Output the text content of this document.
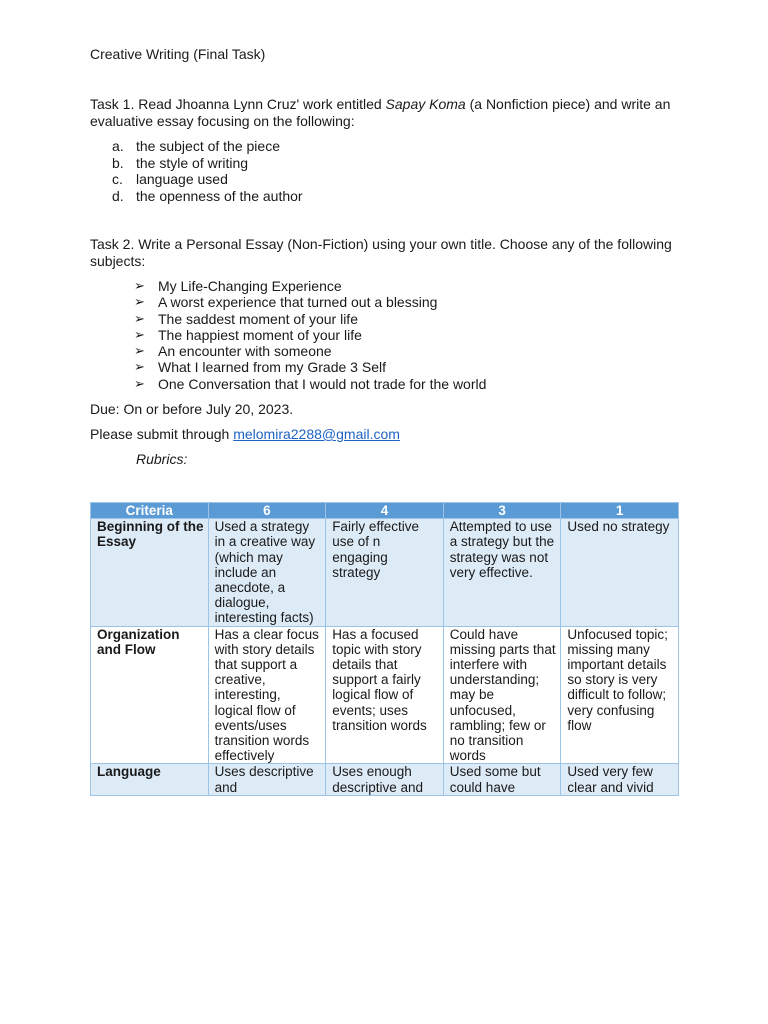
Creative Writing (Final Task)
Task 1. Read Jhoanna Lynn Cruz' work entitled Sapay Koma (a Nonfiction piece) and write an evaluative essay focusing on the following:
a. the subject of the piece
b. the style of writing
c. language used
d. the openness of the author
Task 2. Write a Personal Essay (Non-Fiction) using your own title. Choose any of the following subjects:
➢ My Life-Changing Experience
➢ A worst experience that turned out a blessing
➢ The saddest moment of your life
➢ The happiest moment of your life
➢ An encounter with someone
➢ What I learned from my Grade 3 Self
➢ One Conversation that I would not trade for the world
Due: On or before July 20, 2023.
Please submit through melomira2288@gmail.com
Rubrics:
Criteria	6	4	3	1
Beginning of the Essay	Used a strategy in a creative way (which may include an anecdote, a dialogue, interesting facts)	Fairly effective use of n engaging strategy	Attempted to use a strategy but the strategy was not very effective.	Used no strategy
Organization and Flow	Has a clear focus with story details that support a creative, interesting, logical flow of events/uses transition words effectively	Has a focused topic with story details that support a fairly logical flow of events; uses transition words	Could have missing parts that interfere with understanding; may be unfocused, rambling; few or no transition words	Unfocused topic; missing many important details so story is very difficult to follow; very confusing flow
Language	Uses descriptive and	Uses enough descriptive and	Used some but could have	Used very few clear and vivid
